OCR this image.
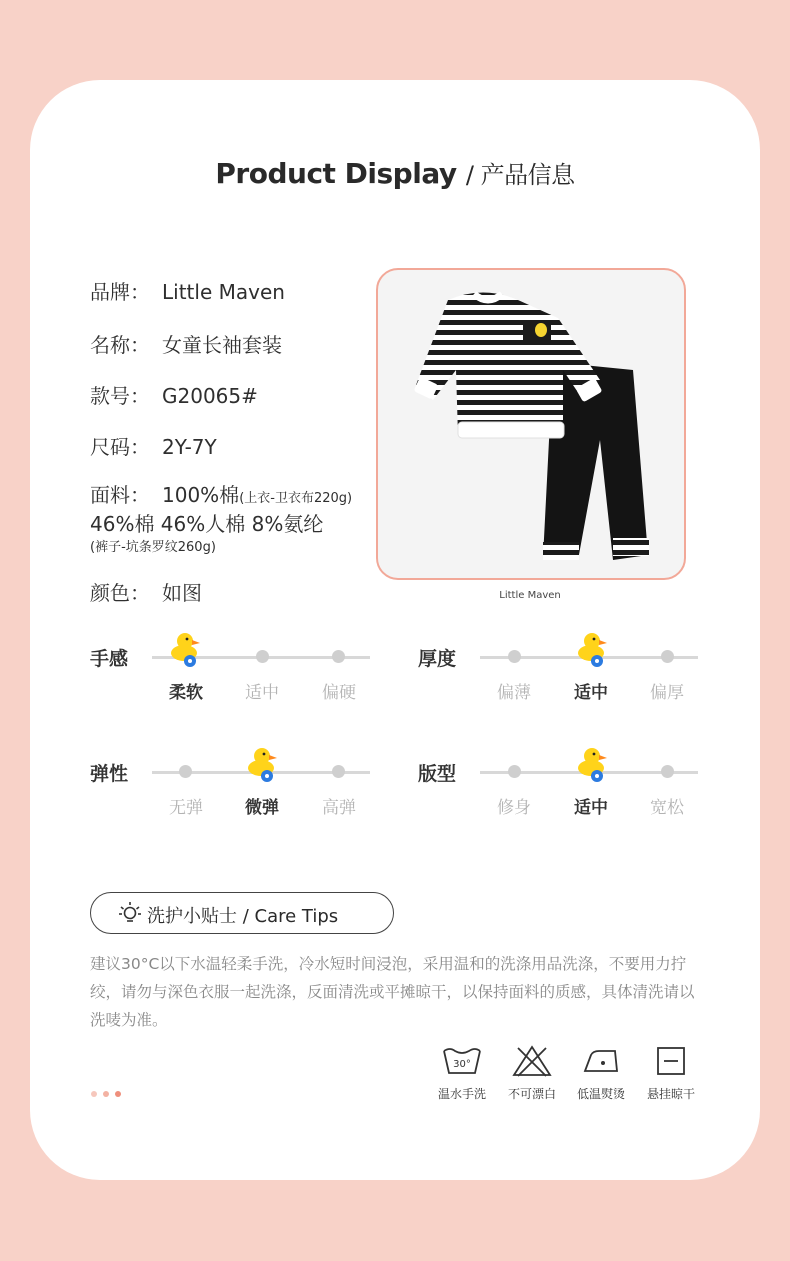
Product Display / 产品信息
品牌： Little Maven
名称： 女童长袖套装
款号： G20065#
尺码： 2Y-7Y
面料： 100%棉(上衣-卫衣布220g)
46%棉 46%人棉 8%氨纶
(裤子-坑条罗纹260g)
颜色： 如图	Little Maven
手感
柔软	适中	偏硬
厚度
偏薄	适中	偏厚
弹性
无弹	微弹	高弹
版型
修身	适中	宽松
洗护小贴士 / Care Tips
建议30°C以下水温轻柔手洗，冷水短时间浸泡，采用温和的洗涤用品洗涤，不要用力拧绞，请勿与深色衣服一起洗涤，反面清洗或平摊晾干，以保持面料的质感，具体清洗请以洗唛为准。
30°
温水手洗	不可漂白	低温熨烫	悬挂晾干
